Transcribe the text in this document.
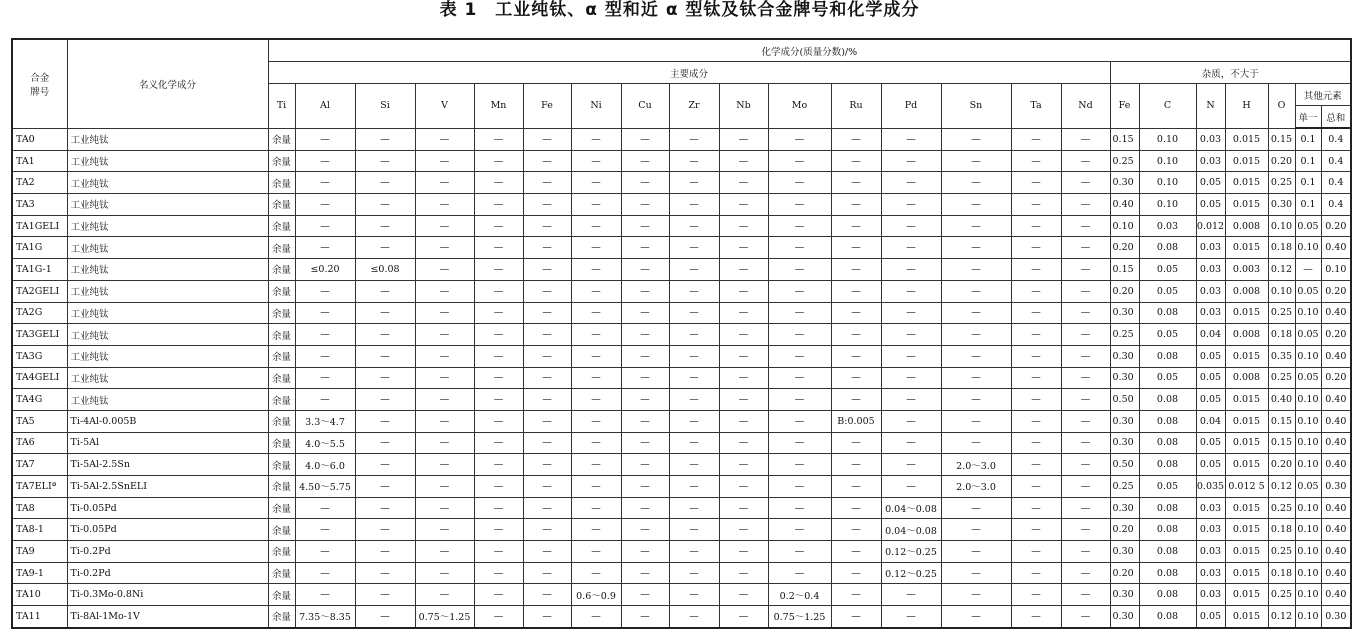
表 1　工业纯钛、α 型和近 α 型钛及钛合金牌号和化学成分
合金
牌号	名义化学成分	化学成分(质量分数)/%																						
		主要成分																杂质，不大于						
		Ti	Al	Si	V	Mn	Fe	Ni	Cu	Zr	Nb	Mo	Ru	Pd	Sn	Ta	Nd	Fe	C	N	H	O	其他元素	
																							单一	总和
TA0	工业纯钛	余量	—	—	—	—	—	—	—	—	—	—	—	—	—	—	—	0.15	0.10	0.03	0.015	0.15	0.1	0.4
TA1	工业纯钛	余量	—	—	—	—	—	—	—	—	—	—	—	—	—	—	—	0.25	0.10	0.03	0.015	0.20	0.1	0.4
TA2	工业纯钛	余量	—	—	—	—	—	—	—	—	—	—	—	—	—	—	—	0.30	0.10	0.05	0.015	0.25	0.1	0.4
TA3	工业纯钛	余量	—	—	—	—	—	—	—	—	—	—	—	—	—	—	—	0.40	0.10	0.05	0.015	0.30	0.1	0.4
TA1GELI	工业纯钛	余量	—	—	—	—	—	—	—	—	—	—	—	—	—	—	—	0.10	0.03	0.012	0.008	0.10	0.05	0.20
TA1G	工业纯钛	余量	—	—	—	—	—	—	—	—	—	—	—	—	—	—	—	0.20	0.08	0.03	0.015	0.18	0.10	0.40
TA1G-1	工业纯钛	余量	≤0.20	≤0.08	—	—	—	—	—	—	—	—	—	—	—	—	—	0.15	0.05	0.03	0.003	0.12	—	0.10
TA2GELI	工业纯钛	余量	—	—	—	—	—	—	—	—	—	—	—	—	—	—	—	0.20	0.05	0.03	0.008	0.10	0.05	0.20
TA2G	工业纯钛	余量	—	—	—	—	—	—	—	—	—	—	—	—	—	—	—	0.30	0.08	0.03	0.015	0.25	0.10	0.40
TA3GELI	工业纯钛	余量	—	—	—	—	—	—	—	—	—	—	—	—	—	—	—	0.25	0.05	0.04	0.008	0.18	0.05	0.20
TA3G	工业纯钛	余量	—	—	—	—	—	—	—	—	—	—	—	—	—	—	—	0.30	0.08	0.05	0.015	0.35	0.10	0.40
TA4GELI	工业纯钛	余量	—	—	—	—	—	—	—	—	—	—	—	—	—	—	—	0.30	0.05	0.05	0.008	0.25	0.05	0.20
TA4G	工业纯钛	余量	—	—	—	—	—	—	—	—	—	—	—	—	—	—	—	0.50	0.08	0.05	0.015	0.40	0.10	0.40
TA5	Ti-4Al-0.005B	余量	3.3～4.7	—	—	—	—	—	—	—	—	—	B:0.005	—	—	—	—	0.30	0.08	0.04	0.015	0.15	0.10	0.40
TA6	Ti-5Al	余量	4.0～5.5	—	—	—	—	—	—	—	—	—	—	—	—	—	—	0.30	0.08	0.05	0.015	0.15	0.10	0.40
TA7	Ti-5Al-2.5Sn	余量	4.0～6.0	—	—	—	—	—	—	—	—	—	—	—	2.0～3.0	—	—	0.50	0.08	0.05	0.015	0.20	0.10	0.40
TA7ELIª	Ti-5Al-2.5SnELI	余量	4.50～5.75	—	—	—	—	—	—	—	—	—	—	—	2.0～3.0	—	—	0.25	0.05	0.035	0.012 5	0.12	0.05	0.30
TA8	Ti-0.05Pd	余量	—	—	—	—	—	—	—	—	—	—	—	0.04～0.08	—	—	—	0.30	0.08	0.03	0.015	0.25	0.10	0.40
TA8-1	Ti-0.05Pd	余量	—	—	—	—	—	—	—	—	—	—	—	0.04～0.08	—	—	—	0.20	0.08	0.03	0.015	0.18	0.10	0.40
TA9	Ti-0.2Pd	余量	—	—	—	—	—	—	—	—	—	—	—	0.12～0.25	—	—	—	0.30	0.08	0.03	0.015	0.25	0.10	0.40
TA9-1	Ti-0.2Pd	余量	—	—	—	—	—	—	—	—	—	—	—	0.12～0.25	—	—	—	0.20	0.08	0.03	0.015	0.18	0.10	0.40
TA10	Ti-0.3Mo-0.8Ni	余量	—	—	—	—	—	0.6～0.9	—	—	—	0.2～0.4	—	—	—	—	—	0.30	0.08	0.03	0.015	0.25	0.10	0.40
TA11	Ti-8Al-1Mo-1V	余量	7.35～8.35	—	0.75～1.25	—	—	—	—	—	—	0.75～1.25	—	—	—	—	—	0.30	0.08	0.05	0.015	0.12	0.10	0.30
